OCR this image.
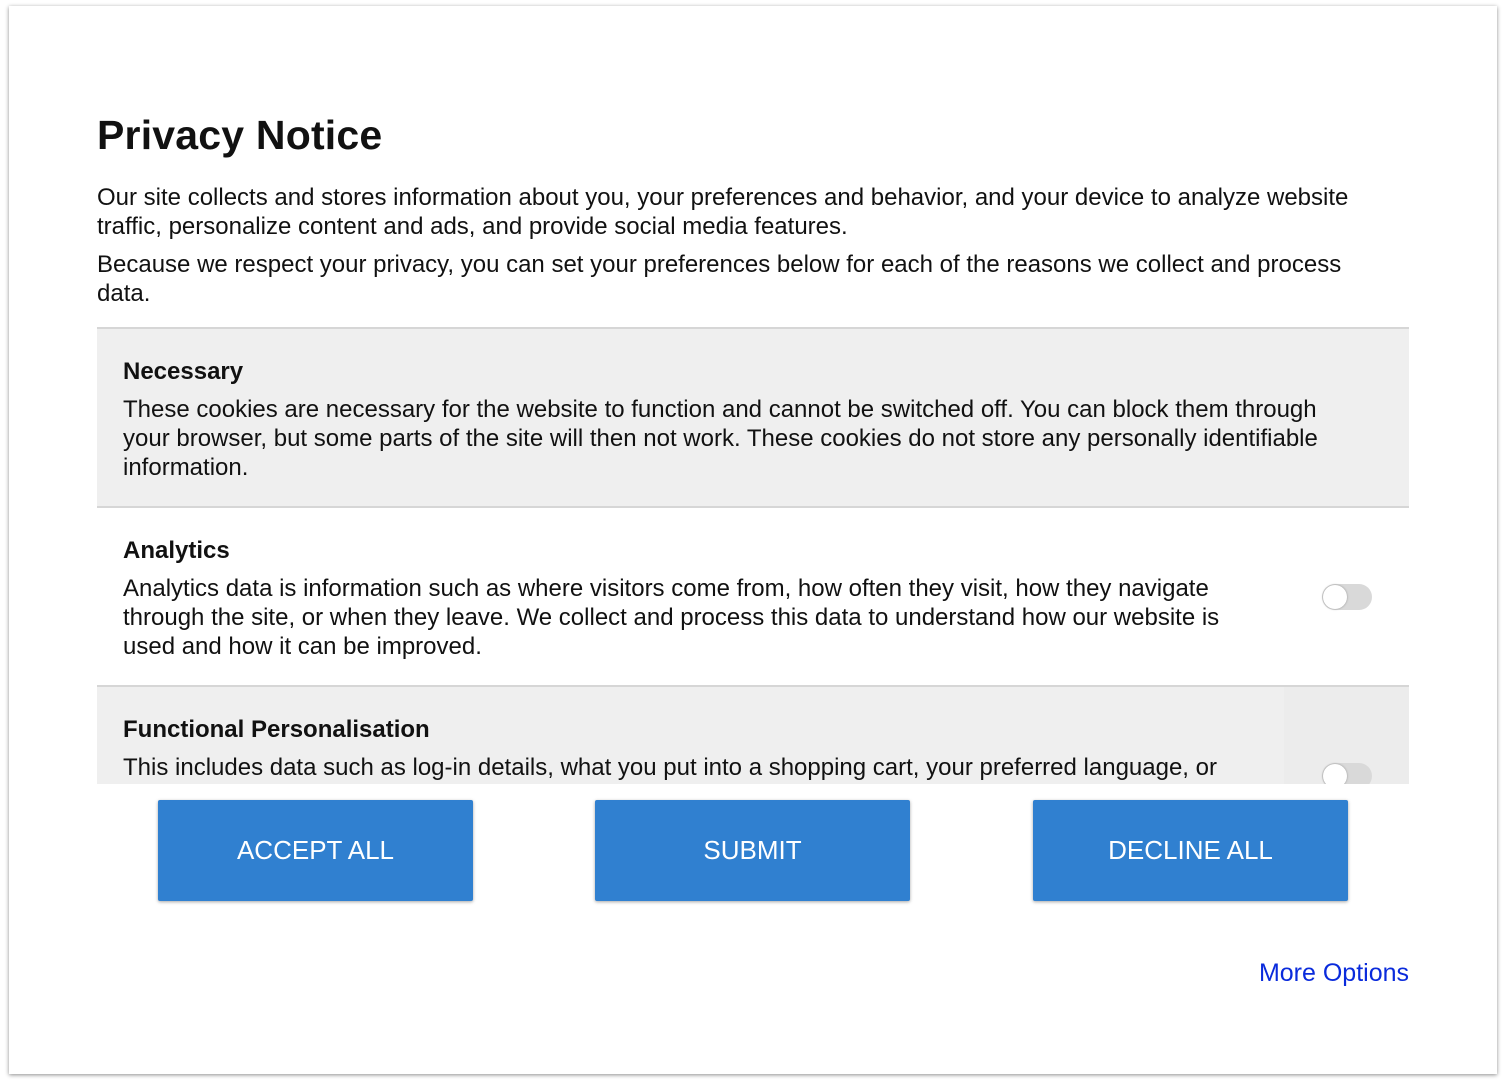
Privacy Notice

Our site collects and stores information about you, your preferences and behavior, and your device to analyze website traffic, personalize content and ads, and provide social media features.

Because we respect your privacy, you can set your preferences below for each of the reasons we collect and process data.

Necessary

These cookies are necessary for the website to function and cannot be switched off. You can block them through your browser, but some parts of the site will then not work. These cookies do not store any personally identifiable information.

Analytics

Analytics data is information such as where visitors come from, how often they visit, how they navigate through the site, or when they leave. We collect and process this data to understand how our website is used and how it can be improved.

Functional Personalisation

This includes data such as log-in details, what you put into a shopping cart, your preferred language, or

ACCEPT ALL	SUBMIT	DECLINE ALL
More Options
